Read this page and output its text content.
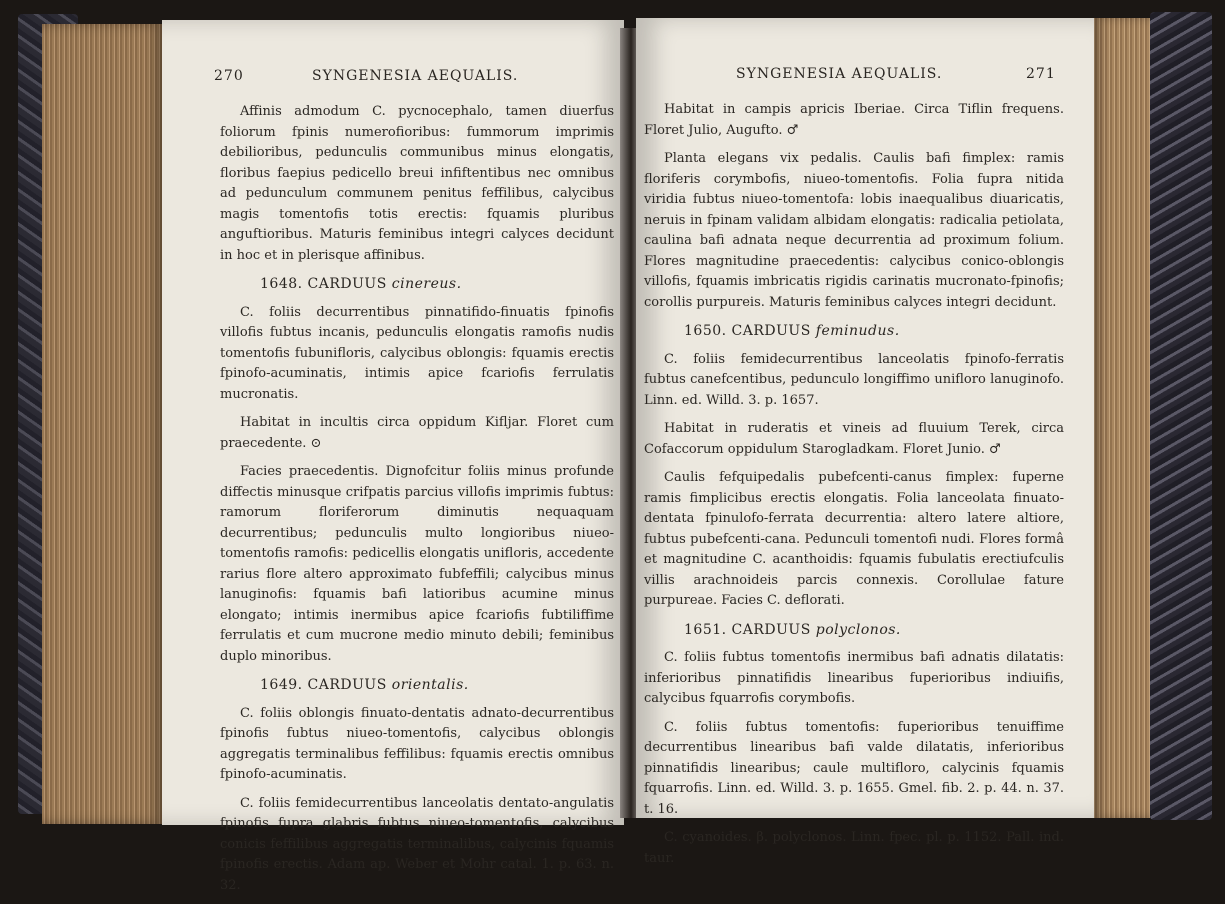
270	SYNGENESIA AEQUALIS.

Affinis admodum C. pycnocephalo, tamen diuerfus foliorum fpinis numerofioribus: fummorum imprimis debilioribus, pedunculis communibus minus elongatis, floribus faepius pedicello breui infiftentibus nec omnibus ad pedunculum communem penitus feffilibus, calycibus magis tomentofis totis erectis: fquamis pluribus anguftioribus. Maturis feminibus integri calyces decidunt in hoc et in plerisque affinibus.

1648. CARDUUS cinereus.

C. foliis decurrentibus pinnatifido-finuatis fpinofis villofis fubtus incanis, pedunculis elongatis ramofis nudis tomentofis fubunifloris, calycibus oblongis: fquamis erectis fpinofo-acuminatis, intimis apice fcariofis ferrulatis mucronatis.

Habitat in incultis circa oppidum Kifljar. Floret cum praecedente. ⊙

Facies praecedentis. Dignofcitur foliis minus profunde diffectis minusque crifpatis parcius villofis imprimis fubtus: ramorum floriferorum diminutis nequaquam decurrentibus; pedunculis multo longioribus niueo-tomentofis ramofis: pedicellis elongatis unifloris, accedente rarius flore altero approximato fubfeffili; calycibus minus lanuginofis: fquamis bafi latioribus acumine minus elongato; intimis inermibus apice fcariofis fubtiliffime ferrulatis et cum mucrone medio minuto debili; feminibus duplo minoribus.

1649. CARDUUS orientalis.

C. foliis oblongis finuato-dentatis adnato-decurrentibus fpinofis fubtus niueo-tomentofis, calycibus oblongis aggregatis terminalibus feffilibus: fquamis erectis omnibus fpinofo-acuminatis.

C. foliis femidecurrentibus lanceolatis dentato-angulatis fpinofis fupra glabris fubtus niueo-tomentofis, calycibus conicis feffilibus aggregatis terminalibus, calycinis fquamis fpinofis erectis. Adam ap. Weber et Mohr catal. 1. p. 63. n. 32.

SYNGENESIA AEQUALIS.	271

Habitat in campis apricis Iberiae. Circa Tiflin frequens. Floret Julio, Augufto. ♂

Planta elegans vix pedalis. Caulis bafi fimplex: ramis floriferis corymbofis, niueo-tomentofis. Folia fupra nitida viridia fubtus niueo-tomentofa: lobis inaequalibus diuaricatis, neruis in fpinam validam albidam elongatis: radicalia petiolata, caulina bafi adnata neque decurrentia ad proximum folium. Flores magnitudine praecedentis: calycibus conico-oblongis villofis, fquamis imbricatis rigidis carinatis mucronato-fpinofis; corollis purpureis. Maturis feminibus calyces integri decidunt.

1650. CARDUUS feminudus.

C. foliis femidecurrentibus lanceolatis fpinofo-ferratis fubtus canefcentibus, pedunculo longiffimo unifloro lanuginofo. Linn. ed. Willd. 3. p. 1657.

Habitat in ruderatis et vineis ad fluuium Terek, circa Cofaccorum oppidulum Starogladkam. Floret Junio. ♂

Caulis fefquipedalis pubefcenti-canus fimplex: fuperne ramis fimplicibus erectis elongatis. Folia lanceolata finuato-dentata fpinulofo-ferrata decurrentia: altero latere altiore, fubtus pubefcenti-cana. Pedunculi tomentofi nudi. Flores formâ et magnitudine C. acanthoidis: fquamis fubulatis erectiufculis villis arachnoideis parcis connexis. Corollulae fature purpureae. Facies C. deflorati.

1651. CARDUUS polyclonos.

C. foliis fubtus tomentofis inermibus bafi adnatis dilatatis: inferioribus pinnatifidis linearibus fuperioribus indiuifis, calycibus fquarrofis corymbofis.

C. foliis fubtus tomentofis: fuperioribus tenuiffime decurrentibus linearibus bafi valde dilatatis, inferioribus pinnatifidis linearibus; caule multifloro, calycinis fquamis fquarrofis. Linn. ed. Willd. 3. p. 1655. Gmel. fib. 2. p. 44. n. 37. t. 16.

C. cyanoides. β. polyclonos. Linn. fpec. pl. p. 1152. Pall. ind. taur.
